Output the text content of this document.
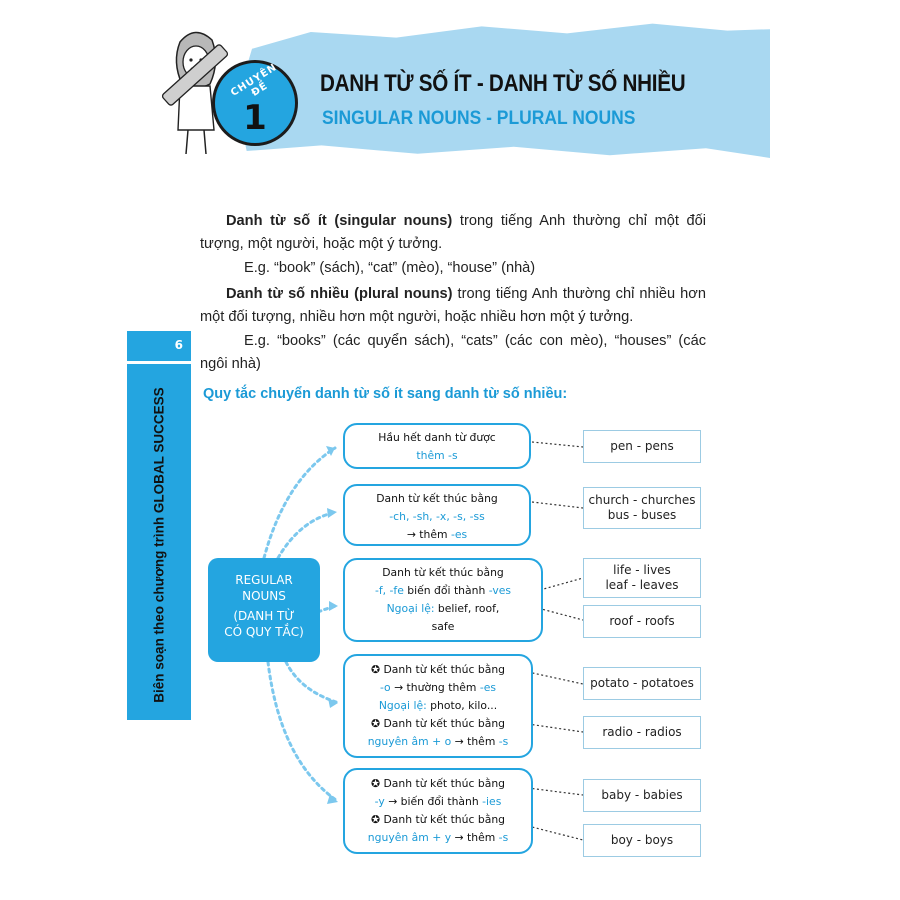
CHUYÊN ĐỀ
1
DANH TỪ SỐ ÍT - DANH TỪ SỐ NHIỀU
SINGULAR NOUNS - PLURAL NOUNS
6
Biên soạn theo chương trình GLOBAL SUCCESS
Danh từ số ít (singular nouns) trong tiếng Anh thường chỉ một đối tượng, một người, hoặc một ý tưởng.
E.g. “book” (sách), “cat” (mèo), “house” (nhà)
Danh từ số nhiều (plural nouns) trong tiếng Anh thường chỉ nhiều hơn một đối tượng, nhiều hơn một người, hoặc nhiều hơn một ý tưởng.
E.g. “books” (các quyển sách), “cats” (các con mèo), “houses” (các ngôi nhà)
Quy tắc chuyển danh từ số ít sang danh từ số nhiều:
REGULAR
NOUNS
(DANH TỪ
CÓ QUY TẮC)
Hầu hết danh từ được
thêm -s
Danh từ kết thúc bằng
-ch, -sh, -x, -s, -ss
→ thêm -es
Danh từ kết thúc bằng
-f, -fe biến đổi thành -ves
Ngoại lệ: belief, roof,
safe
✪ Danh từ kết thúc bằng
-o → thường thêm -es
Ngoại lệ: photo, kilo...
✪ Danh từ kết thúc bằng
nguyên âm + o → thêm -s
✪ Danh từ kết thúc bằng
-y → biến đổi thành -ies
✪ Danh từ kết thúc bằng
nguyên âm + y → thêm -s
pen - pens
church - churches
bus - buses
life - lives
leaf - leaves
roof - roofs
potato - potatoes
radio - radios
baby - babies
boy - boys
